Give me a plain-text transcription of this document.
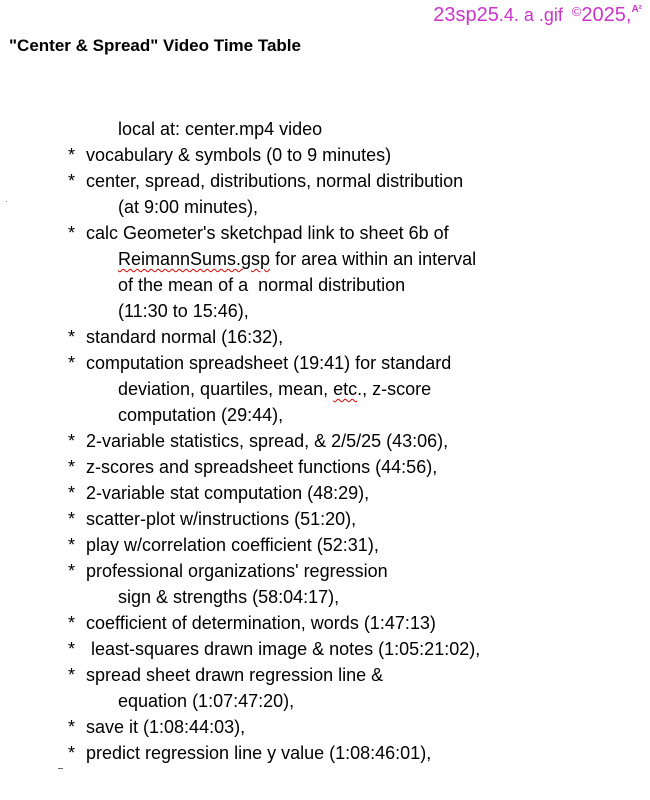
23sp25.4. a .gif ©2025,A²
"Center & Spread" Video Time Table
local at: center.mp4 video
* vocabulary & symbols (0 to 9 minutes)
* center, spread, distributions, normal distribution
(at 9:00 minutes),
* calc Geometer's sketchpad link to sheet 6b of
ReimannSums.gsp for area within an interval
of the mean of a  normal distribution
(11:30 to 15:46),
* standard normal (16:32),
* computation spreadsheet (19:41) for standard
deviation, quartiles, mean, etc., z-score
computation (29:44),
* 2-variable statistics, spread, & 2/5/25 (43:06),
* z-scores and spreadsheet functions (44:56),
* 2-variable stat computation (48:29),
* scatter-plot w/instructions (51:20),
* play w/correlation coefficient (52:31),
* professional organizations' regression
sign & strengths (58:04:17),
* coefficient of determination, words (1:47:13)
* least-squares drawn image & notes (1:05:21:02),
* spread sheet drawn regression line &
equation (1:07:47:20),
* save it (1:08:44:03),
* predict regression line y value (1:08:46:01),
